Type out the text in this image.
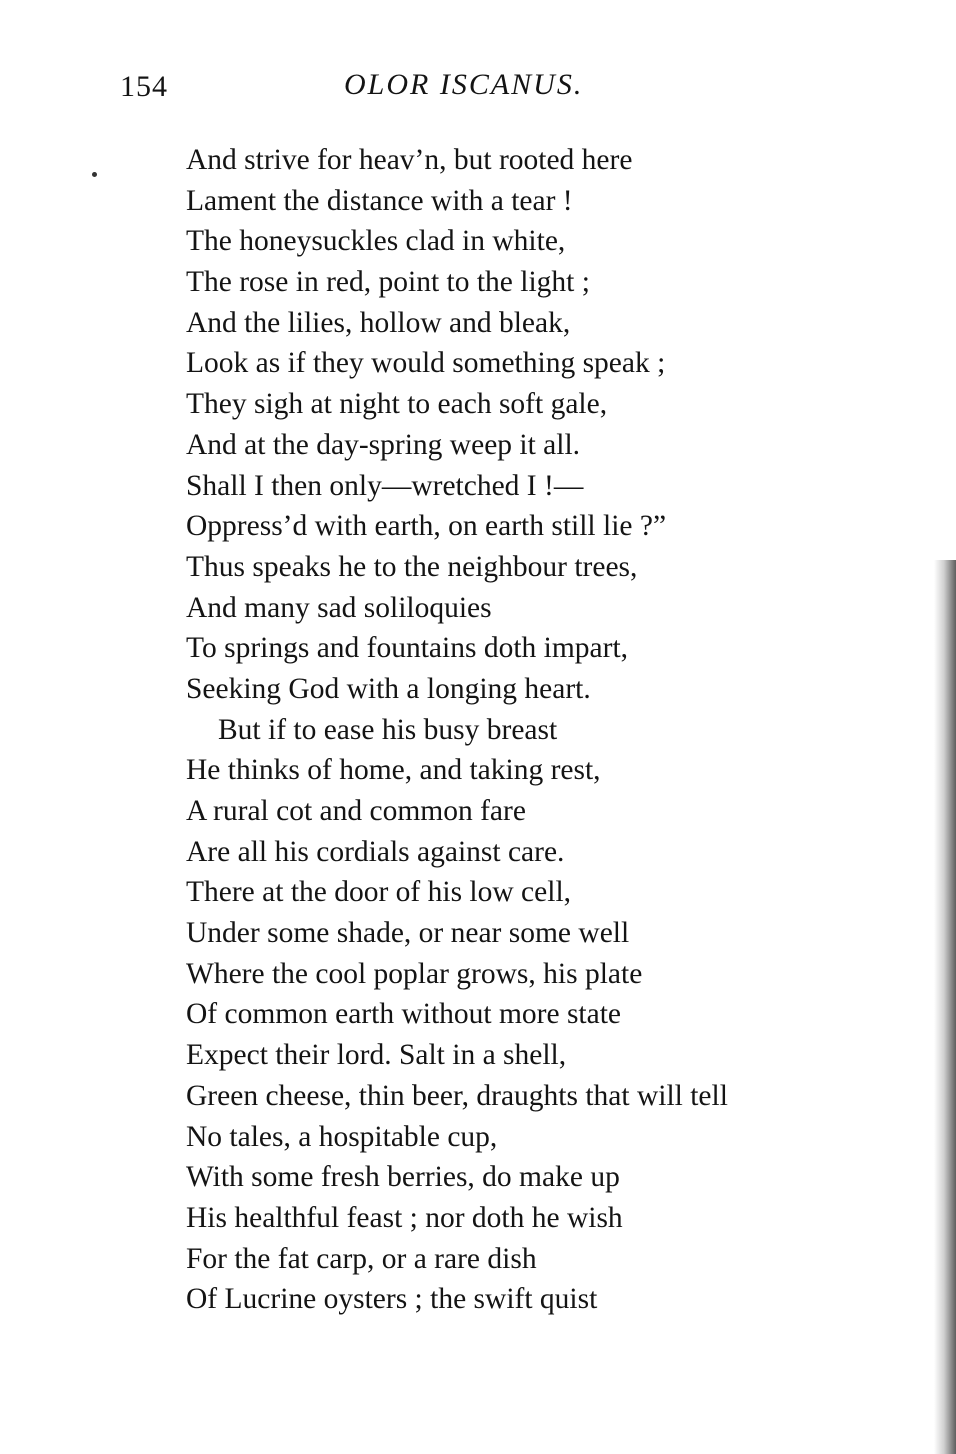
154	OLOR ISCANUS.
And strive for heav’n, but rooted here
Lament the distance with a tear !
The honeysuckles clad in white,
The rose in red, point to the light ;
And the lilies, hollow and bleak,
Look as if they would something speak ;
They sigh at night to each soft gale,
And at the day-spring weep it all.
Shall I then only—wretched I !—
Oppress’d with earth, on earth still lie ?”
Thus speaks he to the neighbour trees,
And many sad soliloquies
To springs and fountains doth impart,
Seeking God with a longing heart.
But if to ease his busy breast
He thinks of home, and taking rest,
A rural cot and common fare
Are all his cordials against care.
There at the door of his low cell,
Under some shade, or near some well
Where the cool poplar grows, his plate
Of common earth without more state
Expect their lord. Salt in a shell,
Green cheese, thin beer, draughts that will tell
No tales, a hospitable cup,
With some fresh berries, do make up
His healthful feast ; nor doth he wish
For the fat carp, or a rare dish
Of Lucrine oysters ; the swift quist
